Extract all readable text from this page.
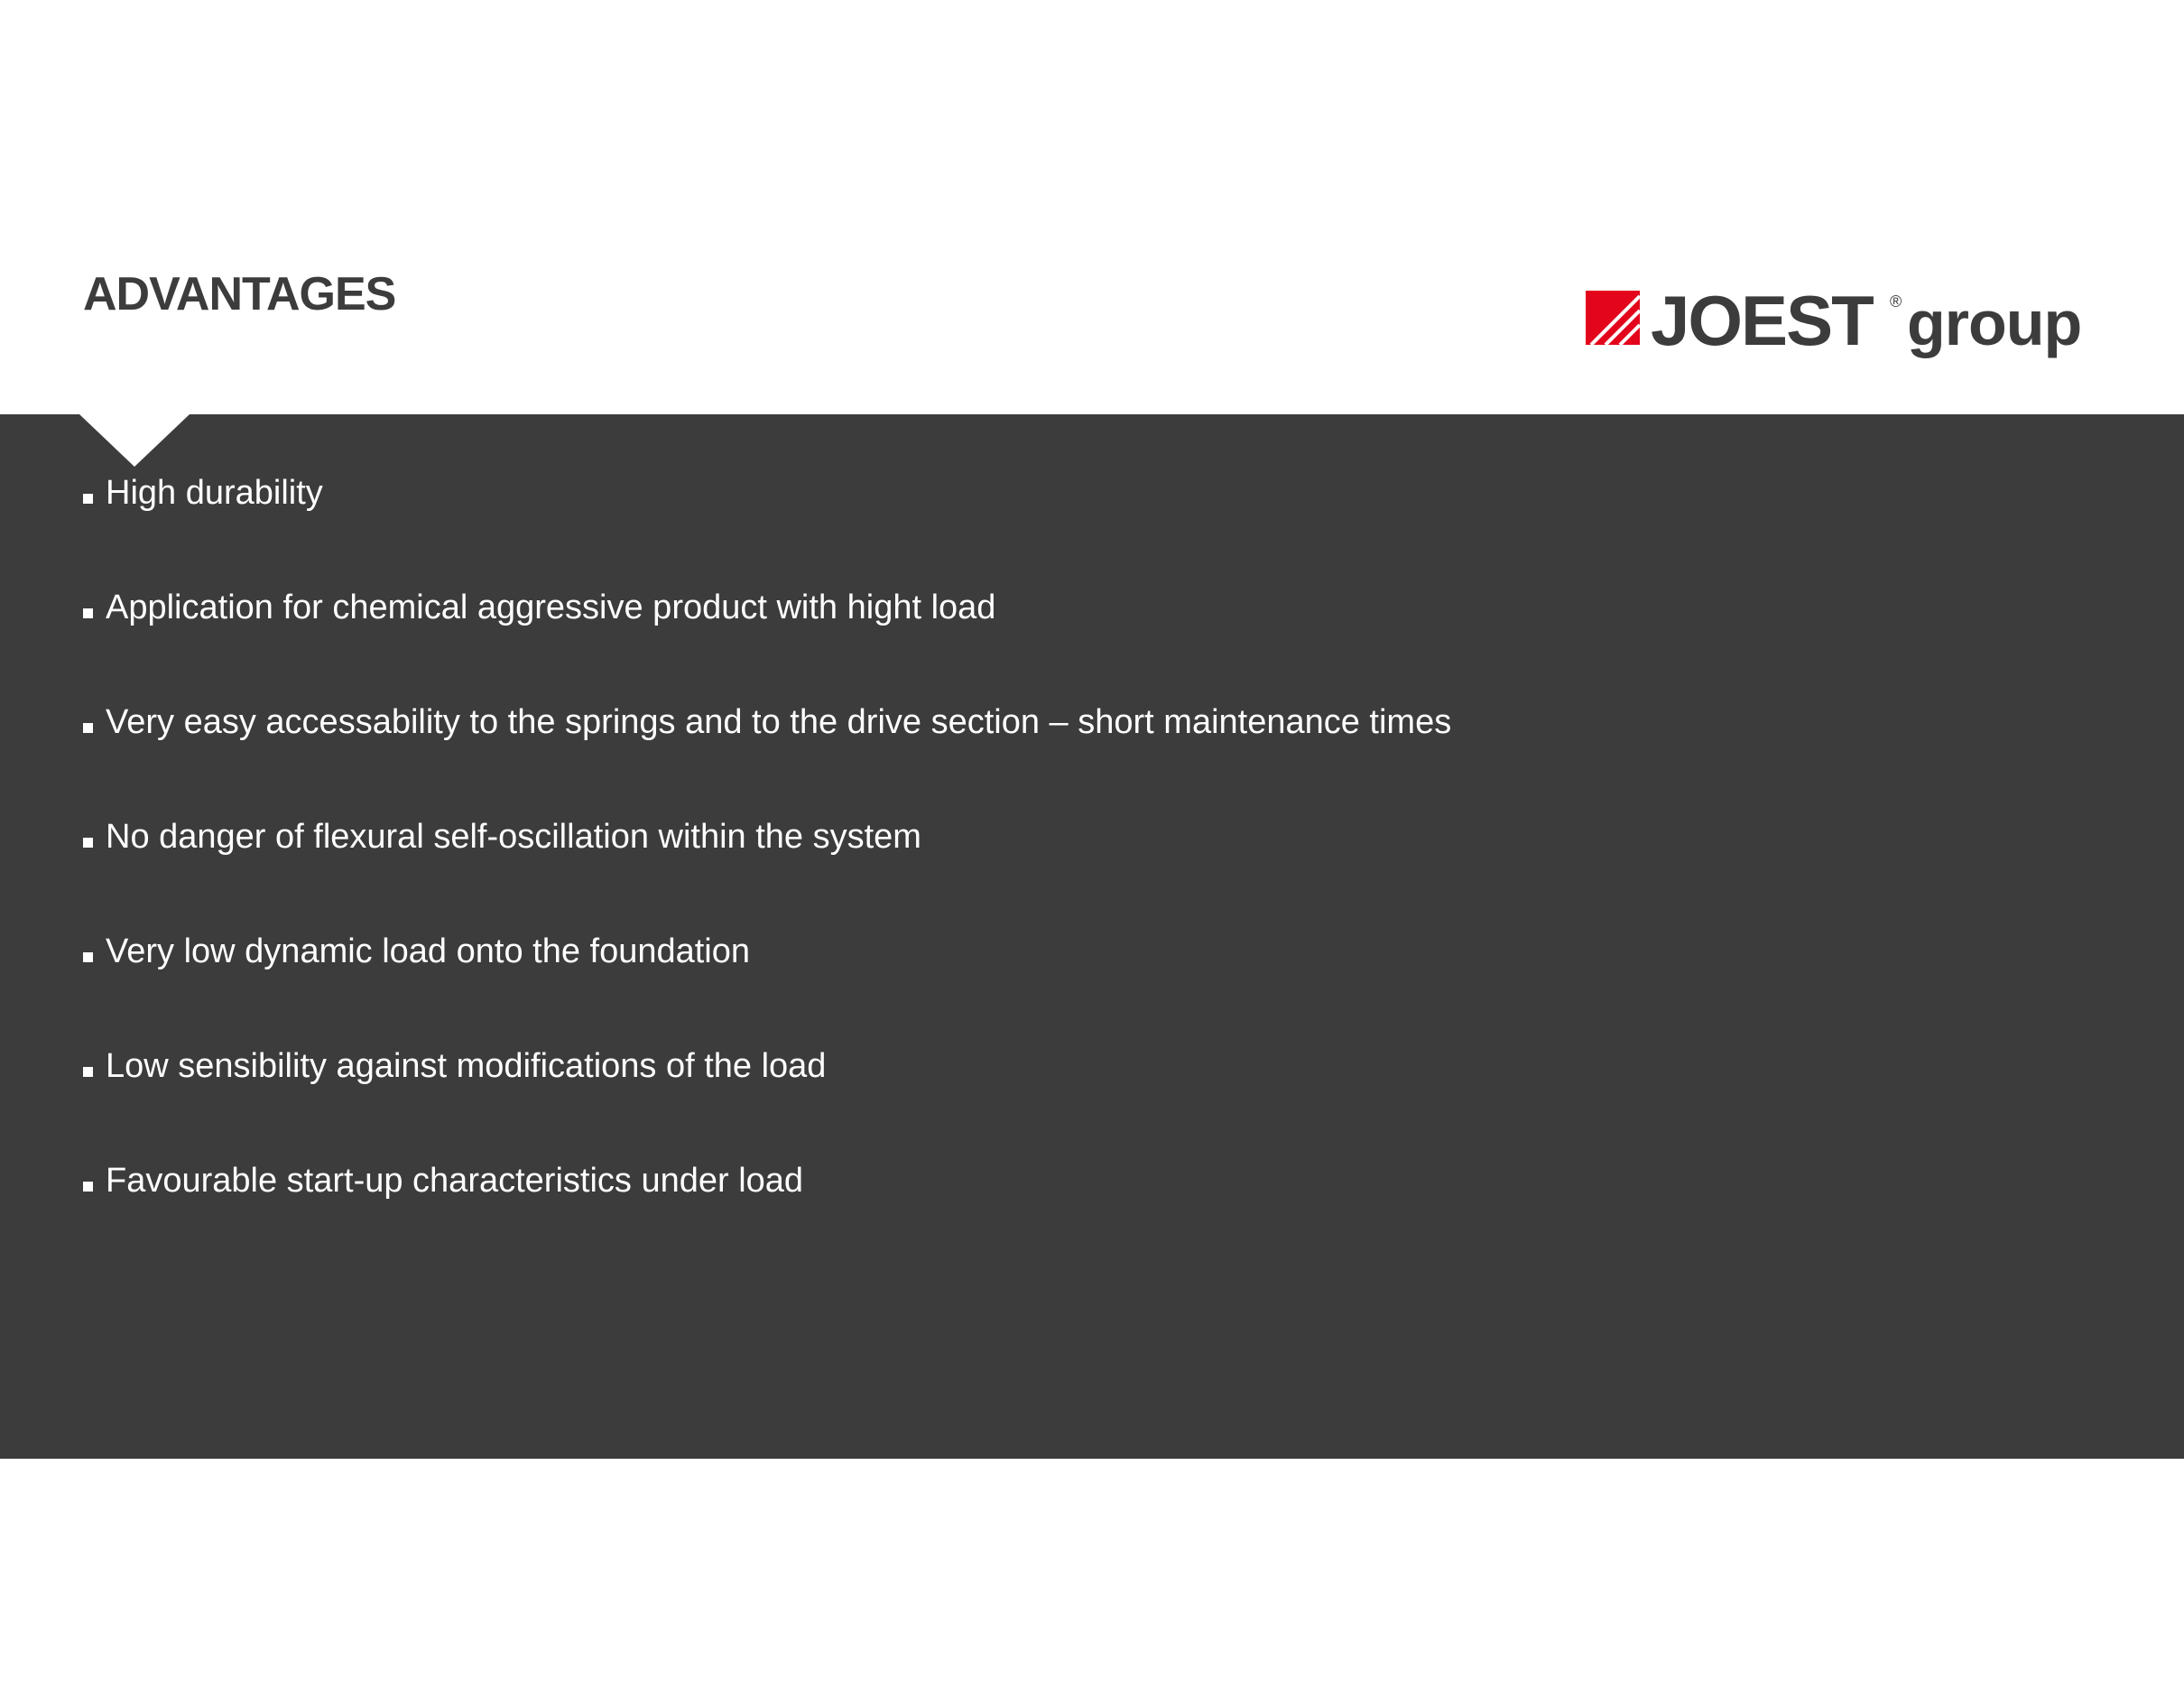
ADVANTAGES	JOEST ® group
High durability
Application for chemical aggressive product with hight load
Very easy accessability to the springs and to the drive section – short maintenance times
No danger of flexural self-oscillation within the system
Very low dynamic load onto the foundation
Low sensibility against modifications of the load
Favourable start-up characteristics under load
